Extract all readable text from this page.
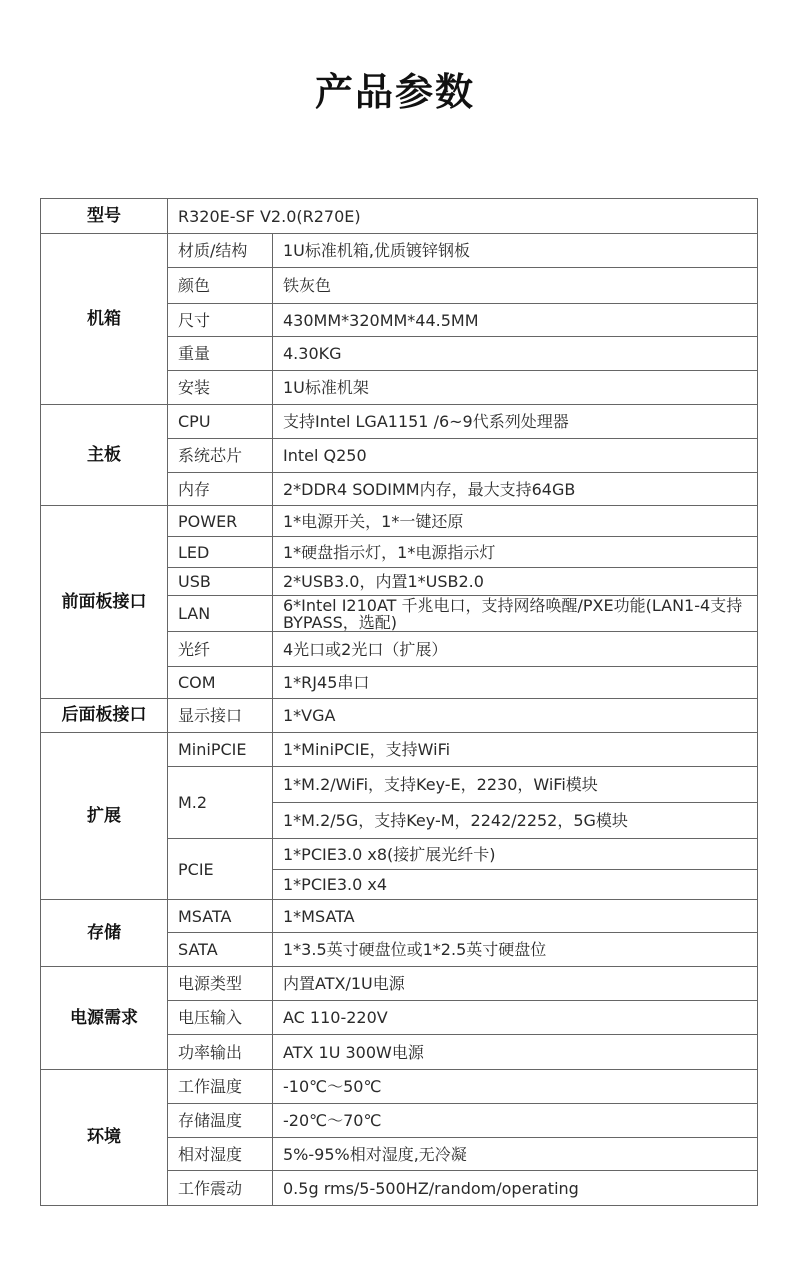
产品参数
型号	R320E-SF V2.0(R270E)	
机箱	材质/结构	1U标准机箱,优质镀锌钢板
	颜色	铁灰色
	尺寸	430MM*320MM*44.5MM
	重量	4.30KG
	安装	1U标准机架
主板	CPU	支持Intel LGA1151 /6~9代系列处理器
	系统芯片	Intel Q250
	内存	2*DDR4 SODIMM内存，最大支持64GB
前面板接口	POWER	1*电源开关，1*一键还原
	LED	1*硬盘指示灯，1*电源指示灯
	USB	2*USB3.0，内置1*USB2.0
	LAN	6*Intel I210AT 千兆电口，支持网络唤醒/PXE功能(LAN1-4支持BYPASS，选配)
	光纤	4光口或2光口（扩展）
	COM	1*RJ45串口
后面板接口	显示接口	1*VGA
扩展	MiniPCIE	1*MiniPCIE，支持WiFi
	M.2	1*M.2/WiFi，支持Key-E，2230，WiFi模块
		1*M.2/5G，支持Key-M，2242/2252，5G模块
	PCIE	1*PCIE3.0 x8(接扩展光纤卡)
		1*PCIE3.0 x4
存储	MSATA	1*MSATA
	SATA	1*3.5英寸硬盘位或1*2.5英寸硬盘位
电源需求	电源类型	内置ATX/1U电源
	电压输入	AC 110-220V
	功率输出	ATX 1U 300W电源
环境	工作温度	-10℃～50℃
	存储温度	-20℃～70℃
	相对湿度	5%-95%相对湿度,无冷凝
	工作震动	0.5g rms/5-500HZ/random/operating
